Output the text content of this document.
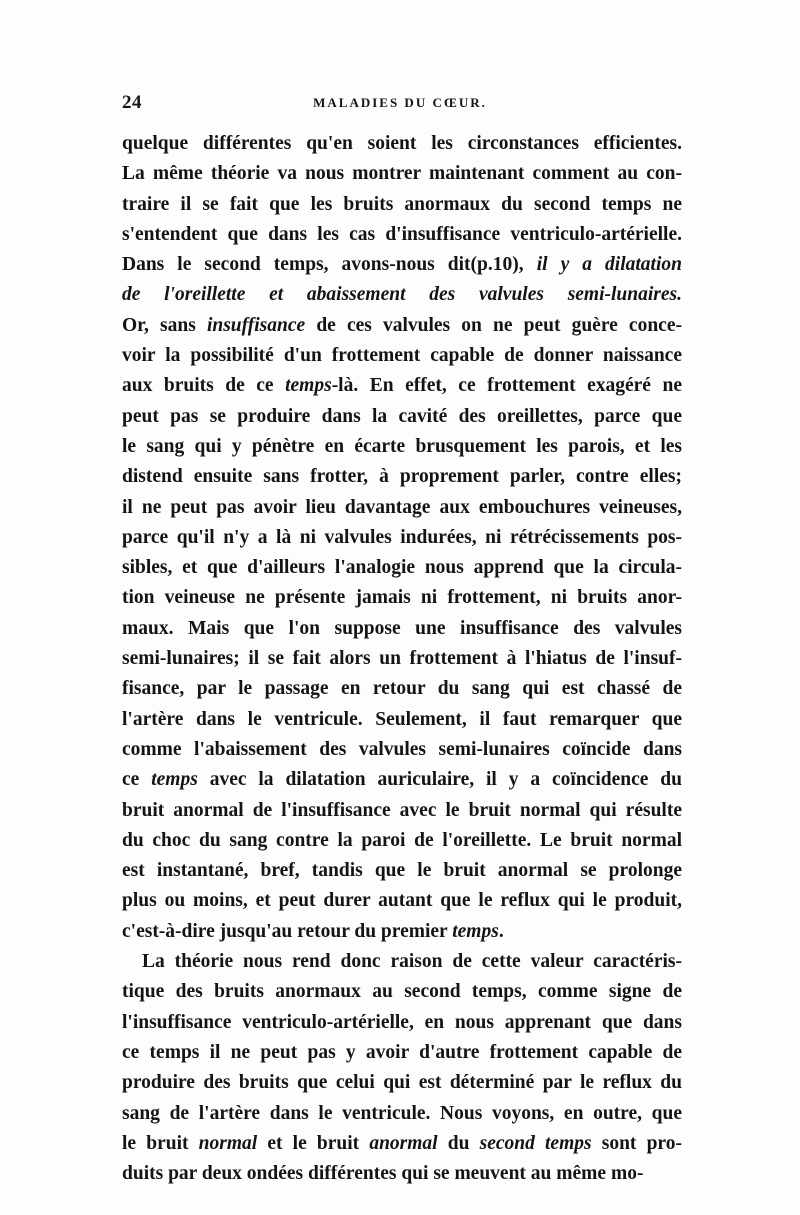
24	MALADIES DU CŒUR.
quelque différentes qu'en soient les circonstances efficientes.
La même théorie va nous montrer maintenant comment au con-
traire il se fait que les bruits anormaux du second temps ne
s'entendent que dans les cas d'insuffisance ventriculo-artérielle.
Dans le second temps, avons-nous dit(p.10), il y a dilatation
de l'oreillette et abaissement des valvules semi-lunaires.
Or, sans insuffisance de ces valvules on ne peut guère conce-
voir la possibilité d'un frottement capable de donner naissance
aux bruits de ce temps-là. En effet, ce frottement exagéré ne
peut pas se produire dans la cavité des oreillettes, parce que
le sang qui y pénètre en écarte brusquement les parois, et les
distend ensuite sans frotter, à proprement parler, contre elles;
il ne peut pas avoir lieu davantage aux embouchures veineuses,
parce qu'il n'y a là ni valvules indurées, ni rétrécissements pos-
sibles, et que d'ailleurs l'analogie nous apprend que la circula-
tion veineuse ne présente jamais ni frottement, ni bruits anor-
maux. Mais que l'on suppose une insuffisance des valvules
semi-lunaires; il se fait alors un frottement à l'hiatus de l'insuf-
fisance, par le passage en retour du sang qui est chassé de
l'artère dans le ventricule. Seulement, il faut remarquer que
comme l'abaissement des valvules semi-lunaires coïncide dans
ce temps avec la dilatation auriculaire, il y a coïncidence du
bruit anormal de l'insuffisance avec le bruit normal qui résulte
du choc du sang contre la paroi de l'oreillette. Le bruit normal
est instantané, bref, tandis que le bruit anormal se prolonge
plus ou moins, et peut durer autant que le reflux qui le produit,
c'est-à-dire jusqu'au retour du premier temps.
La théorie nous rend donc raison de cette valeur caractéris-
tique des bruits anormaux au second temps, comme signe de
l'insuffisance ventriculo-artérielle, en nous apprenant que dans
ce temps il ne peut pas y avoir d'autre frottement capable de
produire des bruits que celui qui est déterminé par le reflux du
sang de l'artère dans le ventricule. Nous voyons, en outre, que
le bruit normal et le bruit anormal du second temps sont pro-
duits par deux ondées différentes qui se meuvent au même mo-
